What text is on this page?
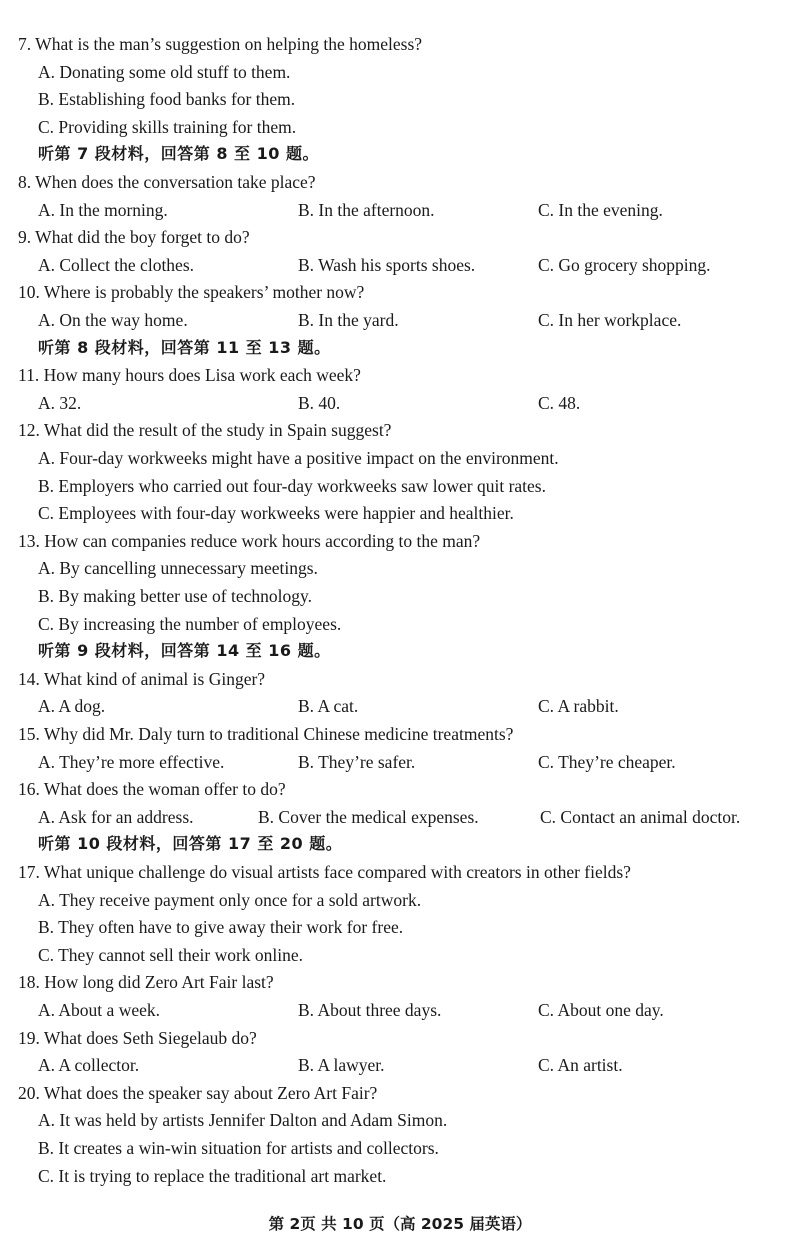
7. What is the man’s suggestion on helping the homeless?
A. Donating some old stuff to them.
B. Establishing food banks for them.
C. Providing skills training for them.
听第 7 段材料，回答第 8 至 10 题。
8. When does the conversation take place?
A. In the morning.	B. In the afternoon.	C. In the evening.
9. What did the boy forget to do?
A. Collect the clothes.	B. Wash his sports shoes.	C. Go grocery shopping.
10. Where is probably the speakers’ mother now?
A. On the way home.	B. In the yard.	C. In her workplace.
听第 8 段材料，回答第 11 至 13 题。
11. How many hours does Lisa work each week?
A. 32.	B. 40.	C. 48.
12. What did the result of the study in Spain suggest?
A. Four-day workweeks might have a positive impact on the environment.
B. Employers who carried out four-day workweeks saw lower quit rates.
C. Employees with four-day workweeks were happier and healthier.
13. How can companies reduce work hours according to the man?
A. By cancelling unnecessary meetings.
B. By making better use of technology.
C. By increasing the number of employees.
听第 9 段材料，回答第 14 至 16 题。
14. What kind of animal is Ginger?
A. A dog.	B. A cat.	C. A rabbit.
15. Why did Mr. Daly turn to traditional Chinese medicine treatments?
A. They’re more effective.	B. They’re safer.	C. They’re cheaper.
16. What does the woman offer to do?
A. Ask for an address.	B. Cover the medical expenses.	C. Contact an animal doctor.
听第 10 段材料，回答第 17 至 20 题。
17. What unique challenge do visual artists face compared with creators in other fields?
A. They receive payment only once for a sold artwork.
B. They often have to give away their work for free.
C. They cannot sell their work online.
18. How long did Zero Art Fair last?
A. About a week.	B. About three days.	C. About one day.
19. What does Seth Siegelaub do?
A. A collector.	B. A lawyer.	C. An artist.
20. What does the speaker say about Zero Art Fair?
A. It was held by artists Jennifer Dalton and Adam Simon.
B. It creates a win-win situation for artists and collectors.
C. It is trying to replace the traditional art market.
第 2页 共 10 页（高 2025 届英语）
